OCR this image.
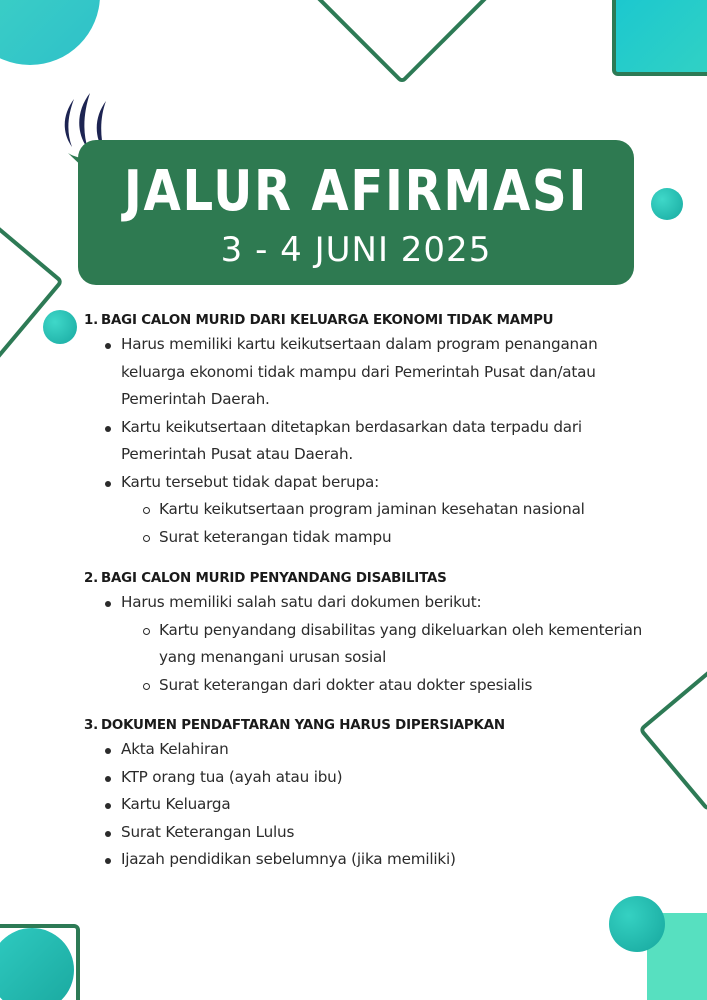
JALUR AFIRMASI
3 - 4 JUNI 2025
1. BAGI CALON MURID DARI KELUARGA EKONOMI TIDAK MAMPU
Harus memiliki kartu keikutsertaan dalam program penanganan keluarga ekonomi tidak mampu dari Pemerintah Pusat dan/atau Pemerintah Daerah.
Kartu keikutsertaan ditetapkan berdasarkan data terpadu dari Pemerintah Pusat atau Daerah.
Kartu tersebut tidak dapat berupa:
Kartu keikutsertaan program jaminan kesehatan nasional
Surat keterangan tidak mampu
2. BAGI CALON MURID PENYANDANG DISABILITAS
Harus memiliki salah satu dari dokumen berikut:
Kartu penyandang disabilitas yang dikeluarkan oleh kementerian yang menangani urusan sosial
Surat keterangan dari dokter atau dokter spesialis
3. DOKUMEN PENDAFTARAN YANG HARUS DIPERSIAPKAN
Akta Kelahiran
KTP orang tua (ayah atau ibu)
Kartu Keluarga
Surat Keterangan Lulus
Ijazah pendidikan sebelumnya (jika memiliki)
